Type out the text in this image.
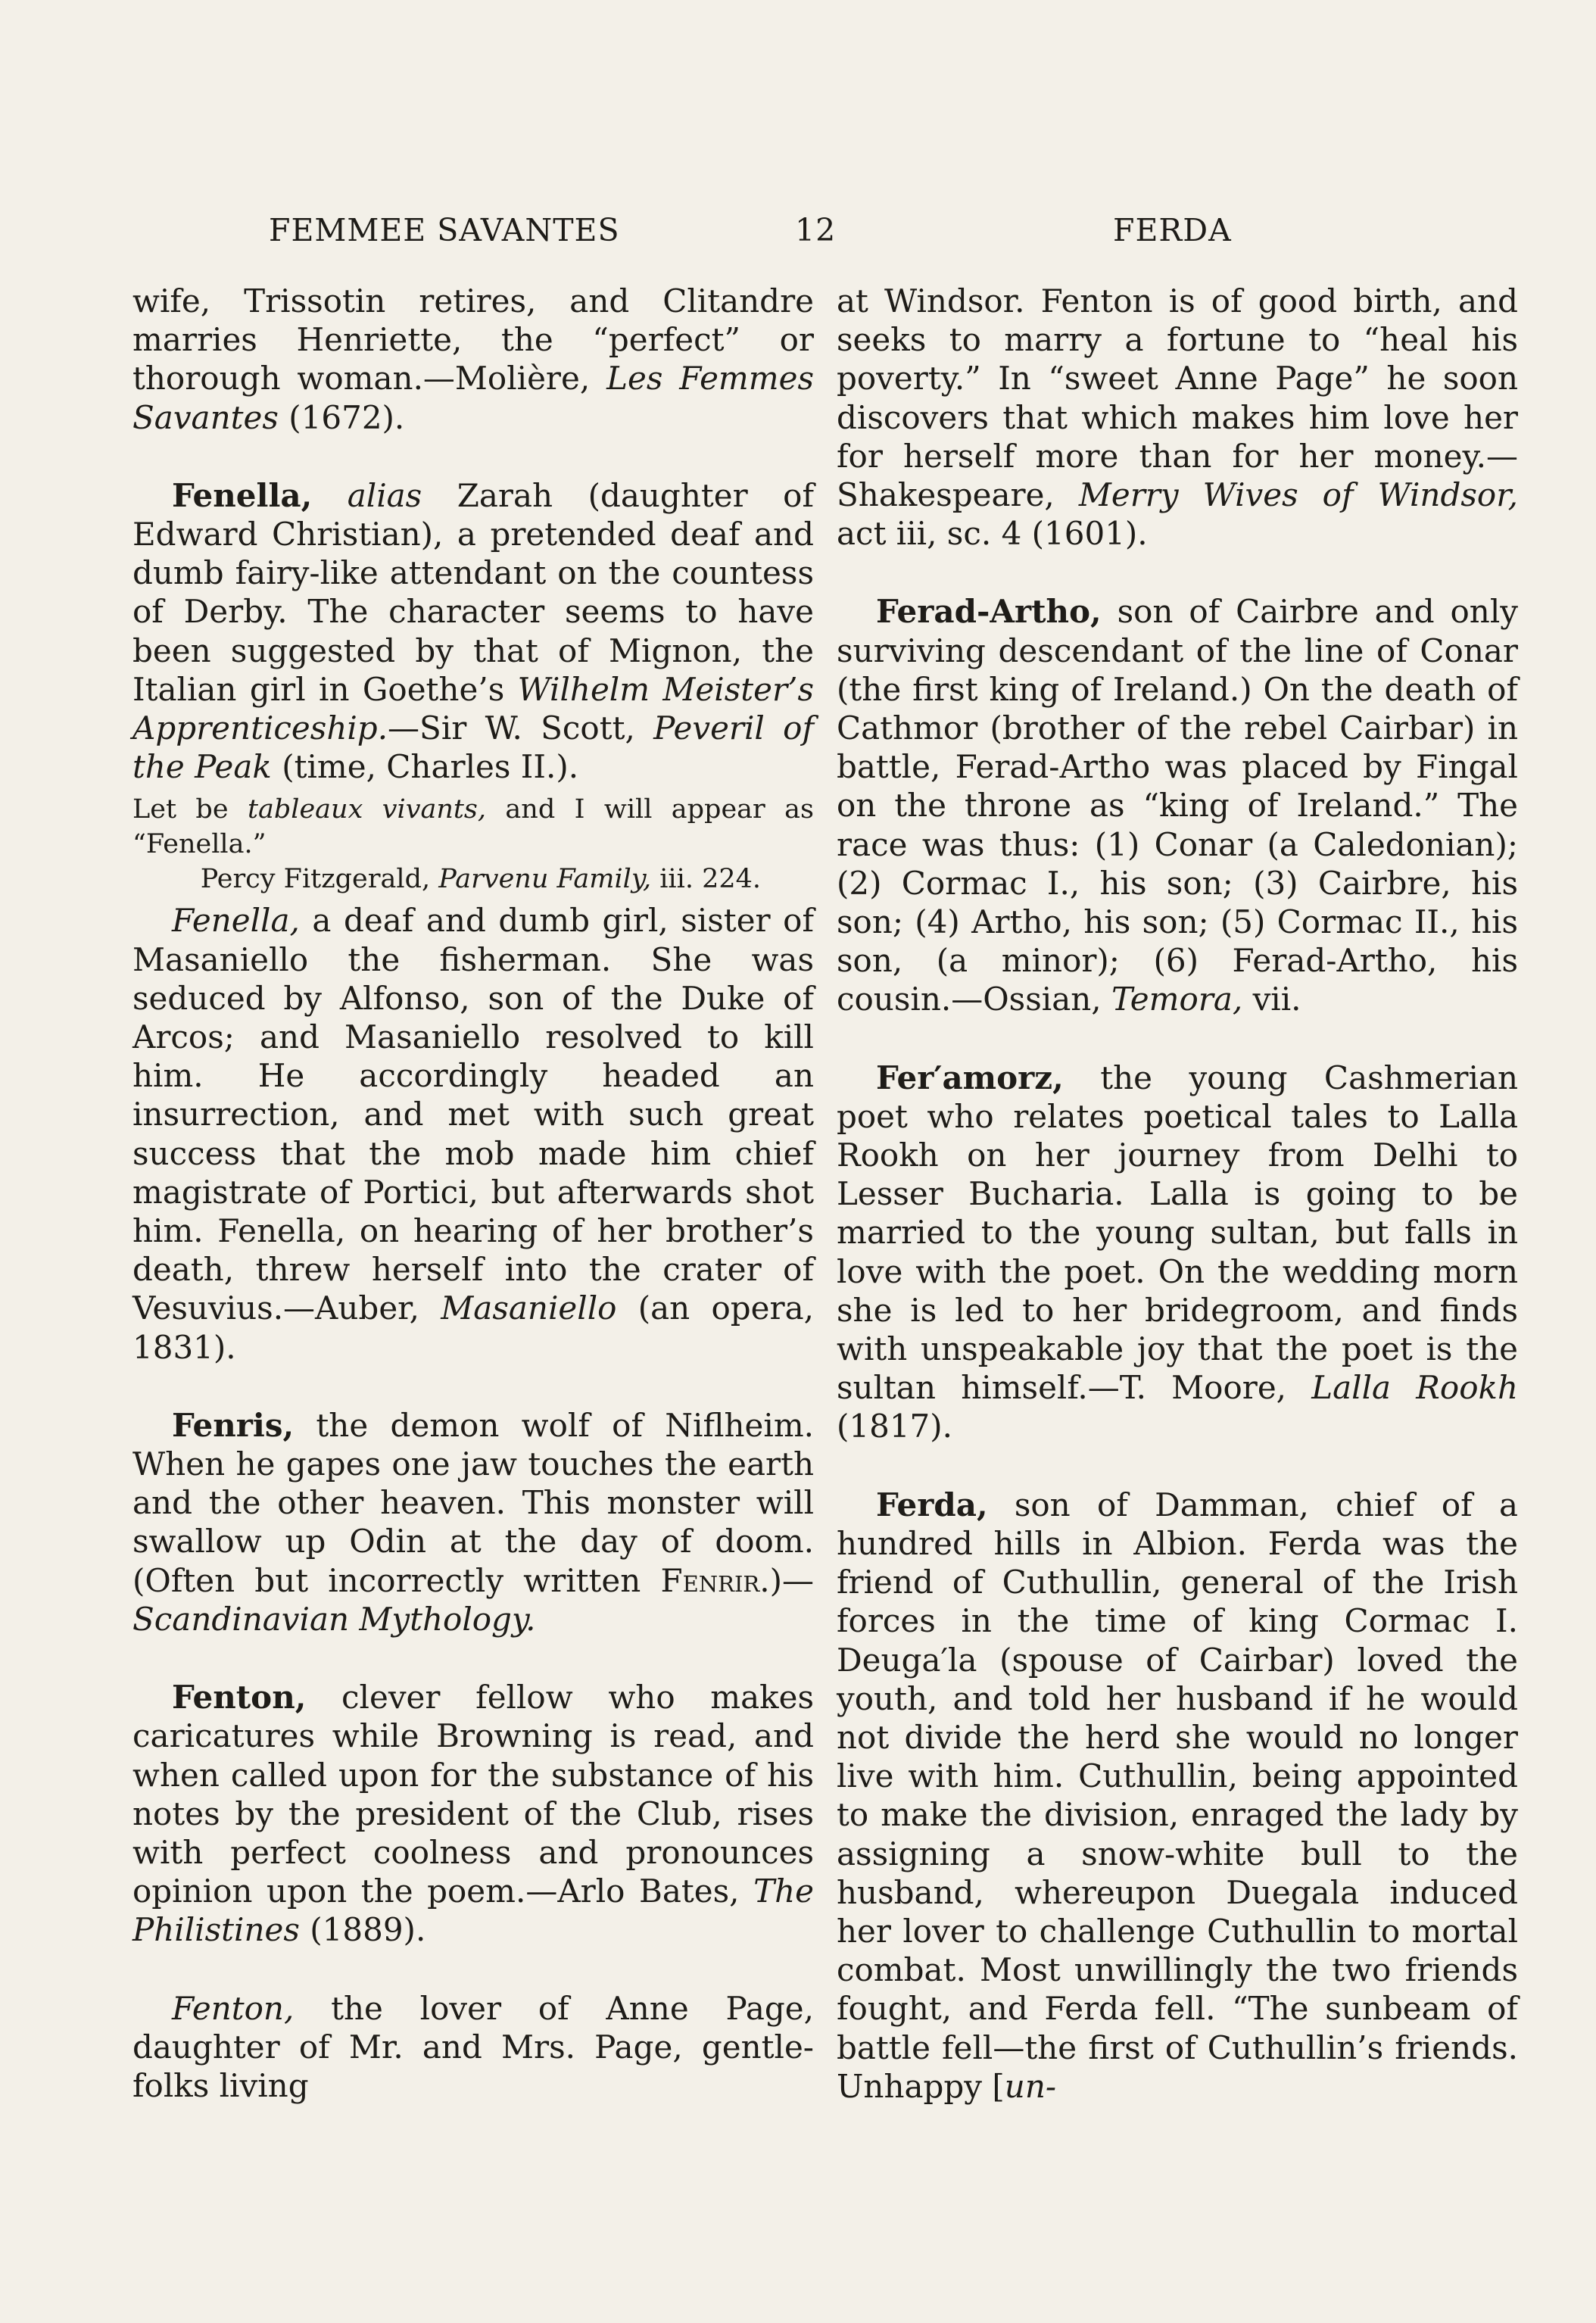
FEMMEE SAVANTES	12	FERDA

wife, Trissotin retires, and Clitandre marries Henriette, the “perfect” or thorough woman.—Molière, Les Femmes Savantes (1672).

Fenella, alias Zarah (daughter of Edward Christian), a pretended deaf and dumb fairy-like attendant on the countess of Derby. The character seems to have been suggested by that of Mignon, the Italian girl in Goethe’s Wilhelm Meister’s Apprenticeship.—Sir W. Scott, Peveril of the Peak (time, Charles II.).

Let be tableaux vivants, and I will appear as “Fenella.”

Percy Fitzgerald, Parvenu Family, iii. 224.

Fenella, a deaf and dumb girl, sister of Masaniello the fisherman. She was seduced by Alfonso, son of the Duke of Arcos; and Masaniello resolved to kill him. He accordingly headed an insurrection, and met with such great success that the mob made him chief magistrate of Portici, but afterwards shot him. Fenella, on hearing of her brother’s death, threw herself into the crater of Vesuvius.—Auber, Masaniello (an opera, 1831).

Fenris, the demon wolf of Niflheim. When he gapes one jaw touches the earth and the other heaven. This monster will swallow up Odin at the day of doom. (Often but incorrectly written Fenrir.)—Scandinavian Mythology.

Fenton, clever fellow who makes caricatures while Browning is read, and when called upon for the substance of his notes by the president of the Club, rises with perfect coolness and pronounces opinion upon the poem.—Arlo Bates, The Philistines (1889).

Fenton, the lover of Anne Page, daughter of Mr. and Mrs. Page, gentle-folks living

at Windsor. Fenton is of good birth, and seeks to marry a fortune to “heal his poverty.” In “sweet Anne Page” he soon discovers that which makes him love her for herself more than for her money.—Shakespeare, Merry Wives of Windsor, act iii, sc. 4 (1601).

Ferad-Artho, son of Cairbre and only surviving descendant of the line of Conar (the first king of Ireland.) On the death of Cathmor (brother of the rebel Cairbar) in battle, Ferad-Artho was placed by Fingal on the throne as “king of Ireland.” The race was thus: (1) Conar (a Caledonian); (2) Cormac I., his son; (3) Cairbre, his son; (4) Artho, his son; (5) Cormac II., his son, (a minor); (6) Ferad-Artho, his cousin.—Ossian, Temora, vii.

Fer′amorz, the young Cashmerian poet who relates poetical tales to Lalla Rookh on her journey from Delhi to Lesser Bucharia. Lalla is going to be married to the young sultan, but falls in love with the poet. On the wedding morn she is led to her bridegroom, and finds with unspeakable joy that the poet is the sultan himself.—T. Moore, Lalla Rookh (1817).

Ferda, son of Damman, chief of a hundred hills in Albion. Ferda was the friend of Cuthullin, general of the Irish forces in the time of king Cormac I. Deuga′la (spouse of Cairbar) loved the youth, and told her husband if he would not divide the herd she would no longer live with him. Cuthullin, being appointed to make the division, enraged the lady by assigning a snow-white bull to the husband, whereupon Duegala induced her lover to challenge Cuthullin to mortal combat. Most unwillingly the two friends fought, and Ferda fell. “The sunbeam of battle fell—the first of Cuthullin’s friends. Unhappy [un-
